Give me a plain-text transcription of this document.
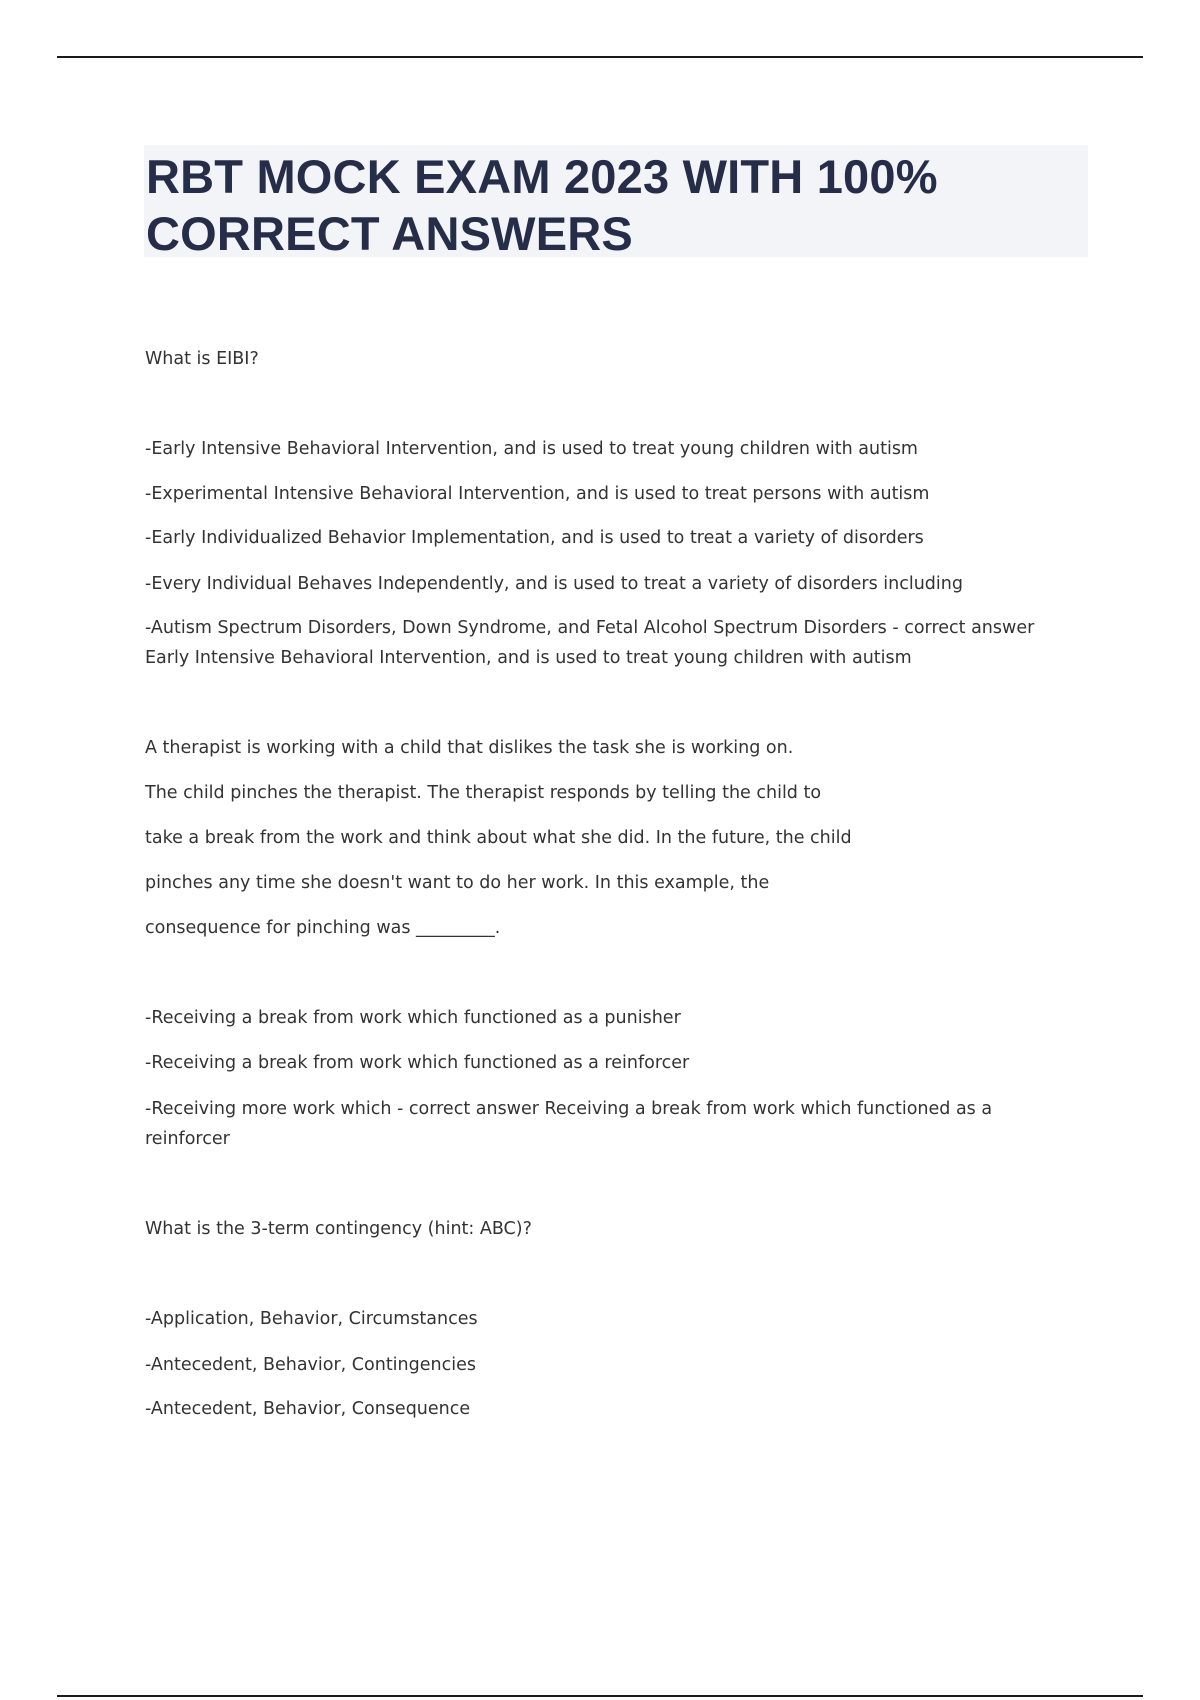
RBT MOCK EXAM 2023 WITH 100% CORRECT ANSWERS

What is EIBI?

-Early Intensive Behavioral Intervention, and is used to treat young children with autism

-Experimental Intensive Behavioral Intervention, and is used to treat persons with autism

-Early Individualized Behavior Implementation, and is used to treat a variety of disorders

-Every Individual Behaves Independently, and is used to treat a variety of disorders including

-Autism Spectrum Disorders, Down Syndrome, and Fetal Alcohol Spectrum Disorders - correct answer Early Intensive Behavioral Intervention, and is used to treat young children with autism

A therapist is working with a child that dislikes the task she is working on.

The child pinches the therapist. The therapist responds by telling the child to

take a break from the work and think about what she did. In the future, the child

pinches any time she doesn't want to do her work. In this example, the

consequence for pinching was _________.

-Receiving a break from work which functioned as a punisher

-Receiving a break from work which functioned as a reinforcer

-Receiving more work which - correct answer Receiving a break from work which functioned as a reinforcer

What is the 3-term contingency (hint: ABC)?

-Application, Behavior, Circumstances

-Antecedent, Behavior, Contingencies

-Antecedent, Behavior, Consequence
